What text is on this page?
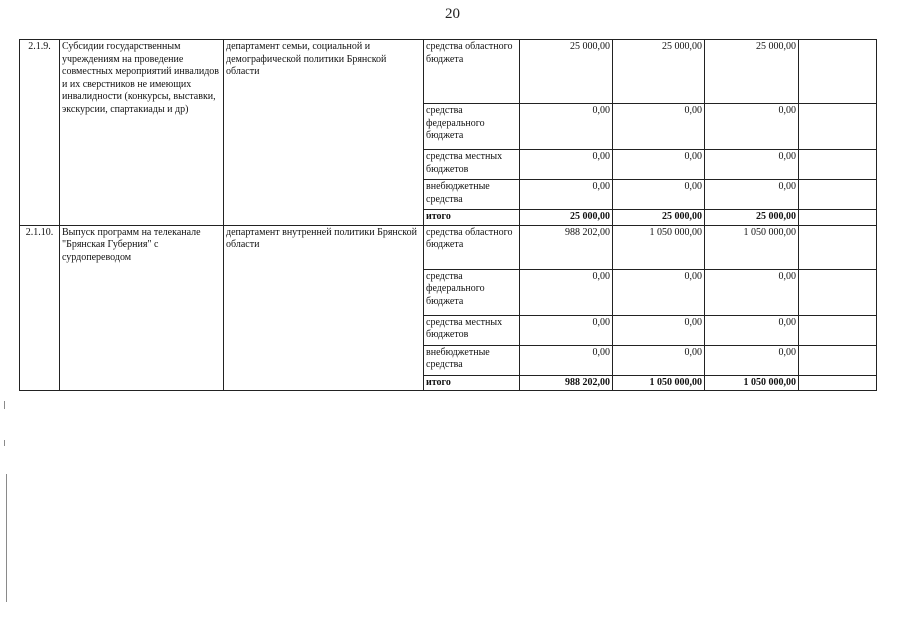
20
2.1.9.	Субсидии государственным учреждениям на проведение совместных мероприятий инвалидов и их сверстников не имеющих инвалидности (конкурсы, выставки, экскурсии, спартакиады и др)	департамент семьи, социальной и демографической политики Брянской области	средства областного бюджета	25 000,00	25 000,00	25 000,00	
			средства федерального бюджета	0,00	0,00	0,00	
			средства местных бюджетов	0,00	0,00	0,00	
			внебюджетные средства	0,00	0,00	0,00	
			итого	25 000,00	25 000,00	25 000,00	
2.1.10.	Выпуск программ на телеканале "Брянская Губерния" с сурдопереводом	департамент внутренней политики Брянской области	средства областного бюджета	988 202,00	1 050 000,00	1 050 000,00	
			средства федерального бюджета	0,00	0,00	0,00	
			средства местных бюджетов	0,00	0,00	0,00	
			внебюджетные средства	0,00	0,00	0,00	
			итого	988 202,00	1 050 000,00	1 050 000,00	
